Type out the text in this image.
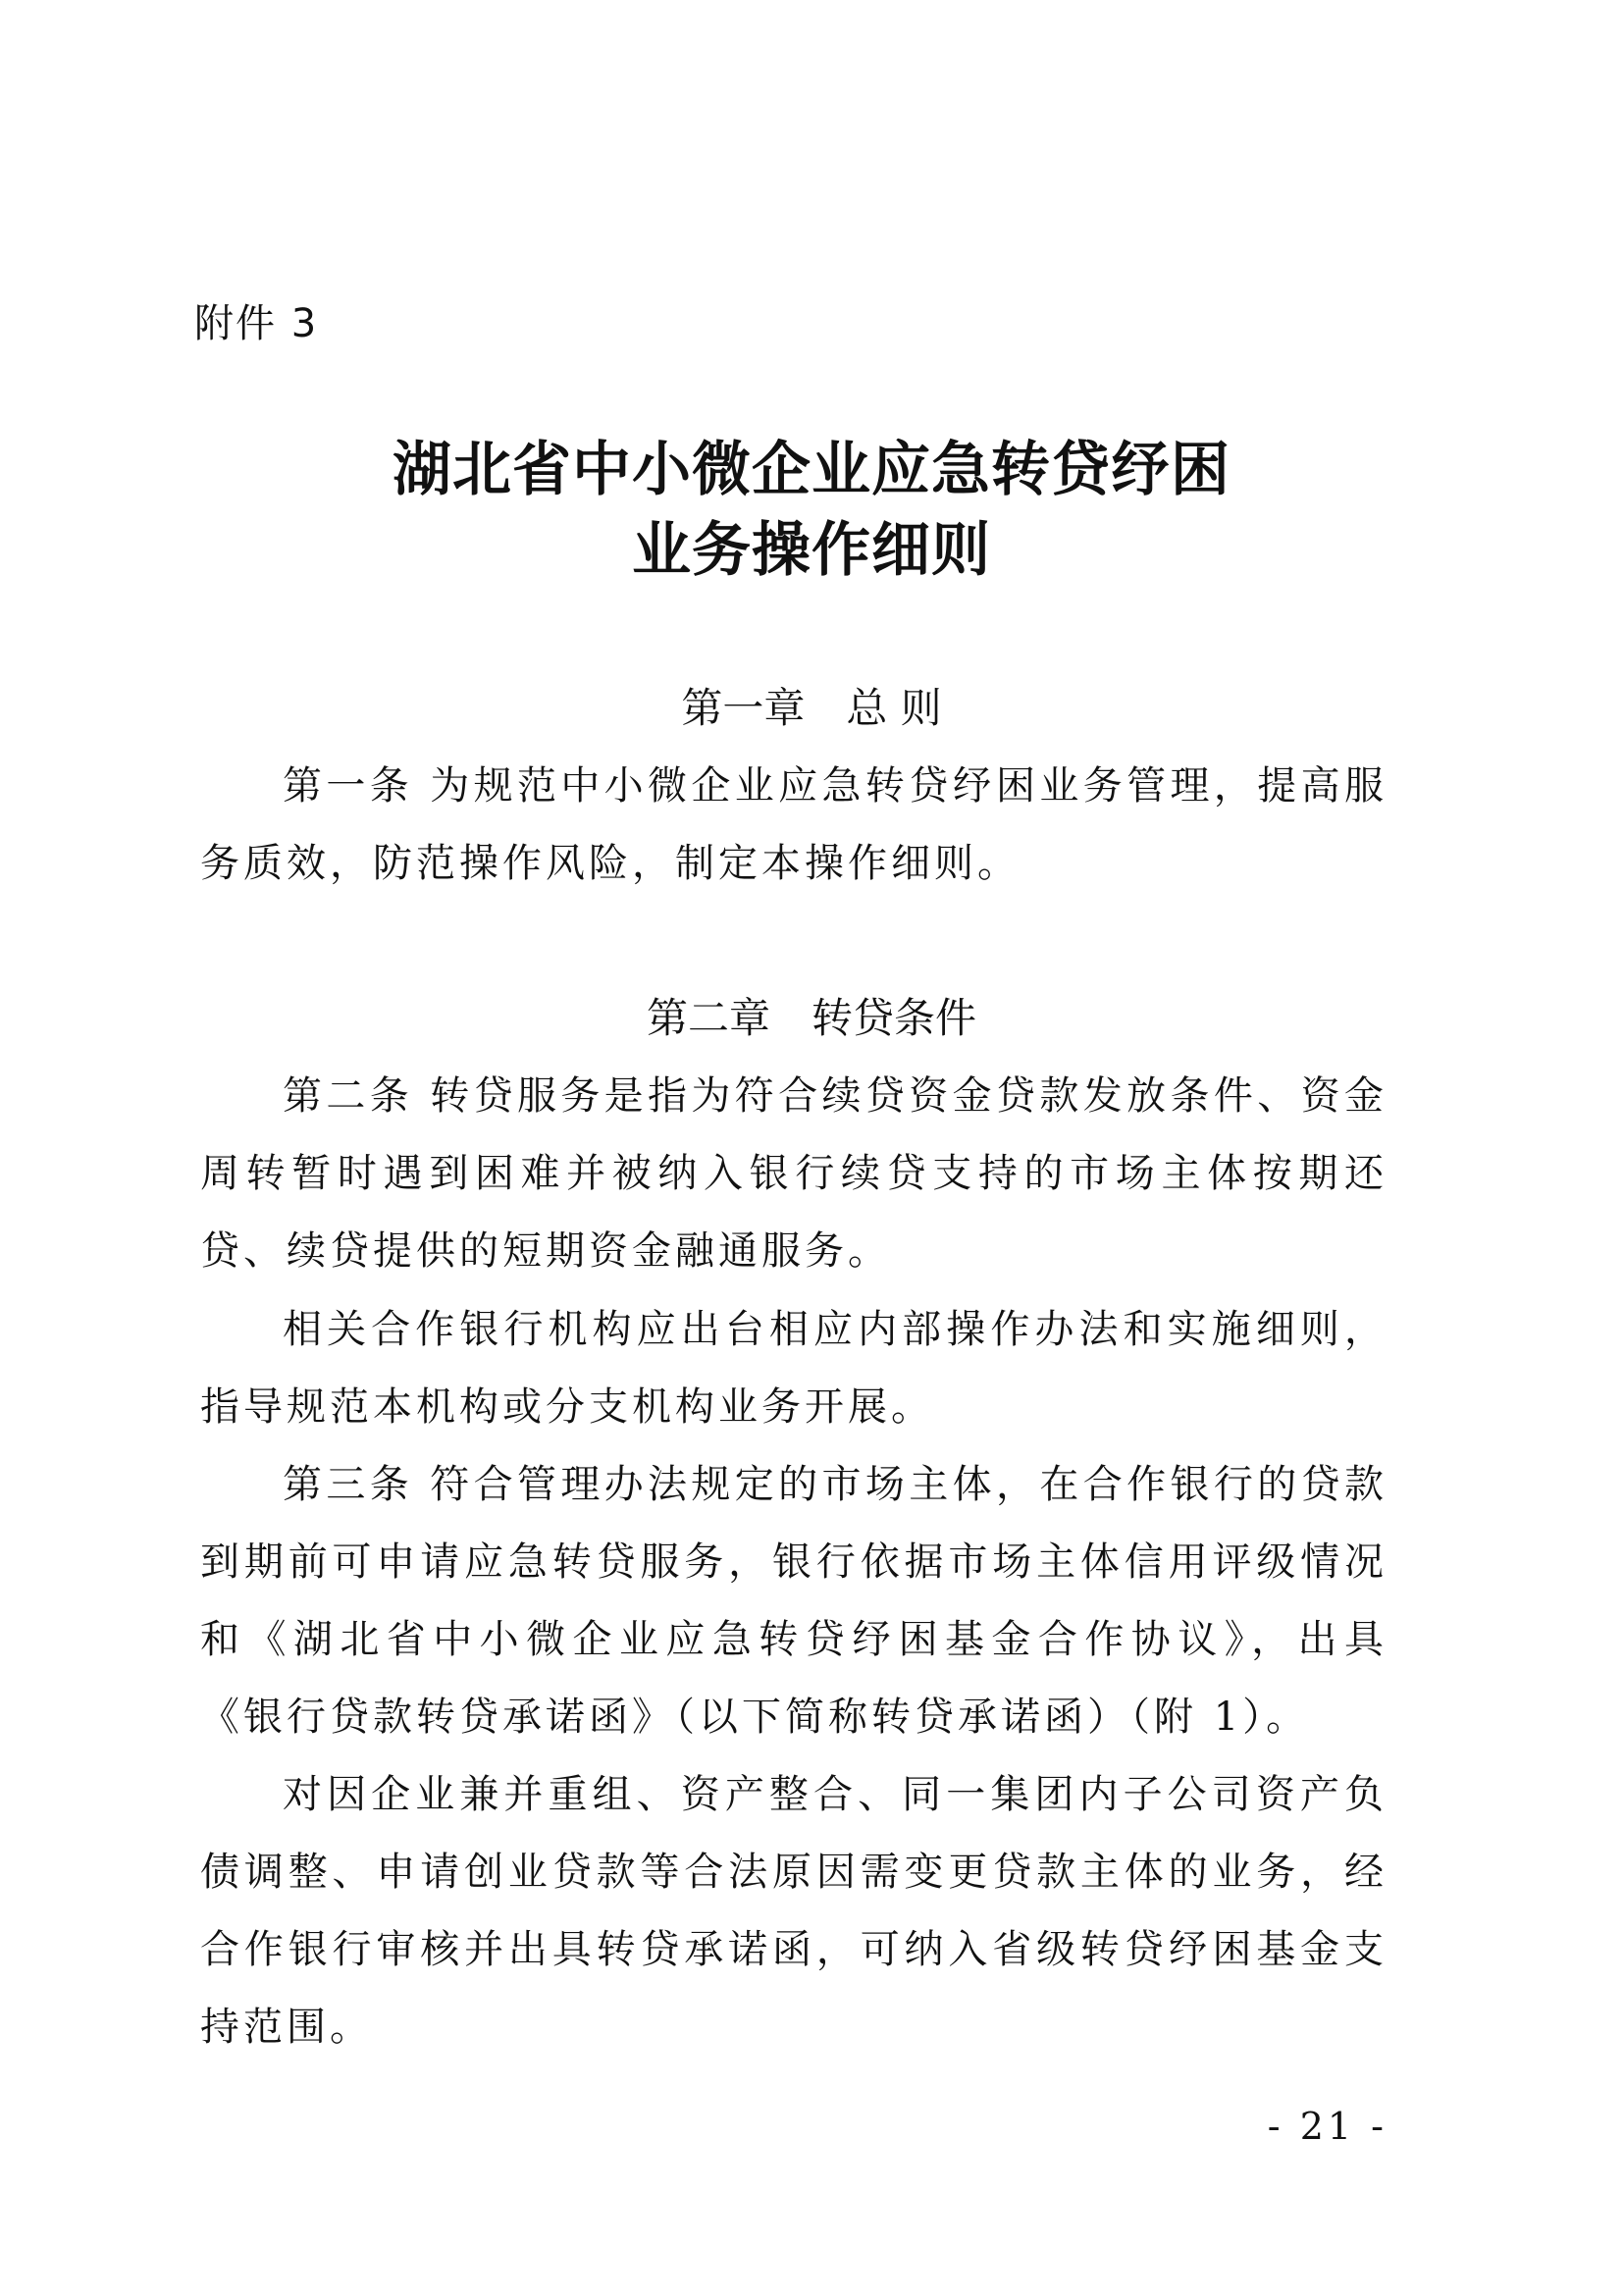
附件 3
湖北省中小微企业应急转贷纾困
业务操作细则
第一章　总 则

第一条 为规范中小微企业应急转贷纾困业务管理，提高服务质效，防范操作风险，制定本操作细则。

第二章　转贷条件

第二条 转贷服务是指为符合续贷资金贷款发放条件、资金周转暂时遇到困难并被纳入银行续贷支持的市场主体按期还贷、续贷提供的短期资金融通服务。

相关合作银行机构应出台相应内部操作办法和实施细则，指导规范本机构或分支机构业务开展。

第三条 符合管理办法规定的市场主体，在合作银行的贷款到期前可申请应急转贷服务，银行依据市场主体信用评级情况和《湖北省中小微企业应急转贷纾困基金合作协议》，出具《银行贷款转贷承诺函》（以下简称转贷承诺函）（附 1）。

对因企业兼并重组、资产整合、同一集团内子公司资产负债调整、申请创业贷款等合法原因需变更贷款主体的业务，经合作银行审核并出具转贷承诺函，可纳入省级转贷纾困基金支持范围。

- 21 -
